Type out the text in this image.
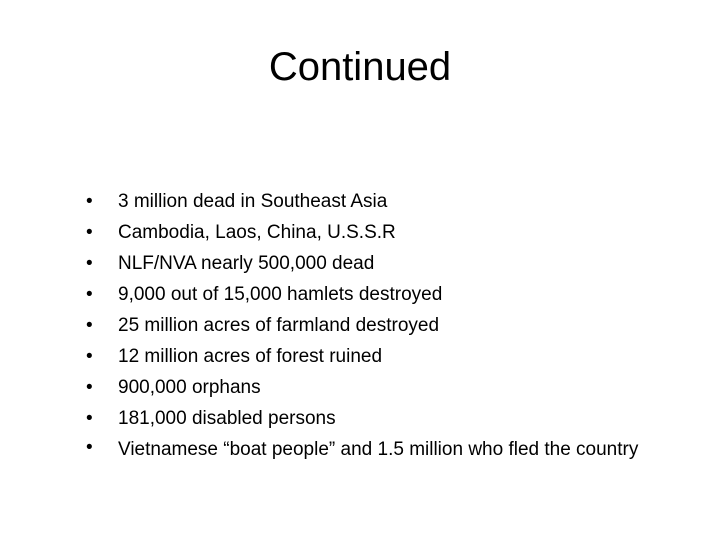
Continued
•	3 million dead in Southeast Asia
•	Cambodia, Laos, China, U.S.S.R
•	NLF/NVA nearly 500,000 dead
•	9,000 out of 15,000 hamlets destroyed
•	25 million acres of farmland destroyed
•	12 million acres of forest ruined
•	900,000 orphans
•	181,000 disabled persons
•	Vietnamese “boat people” and 1.5 million who fled the country
